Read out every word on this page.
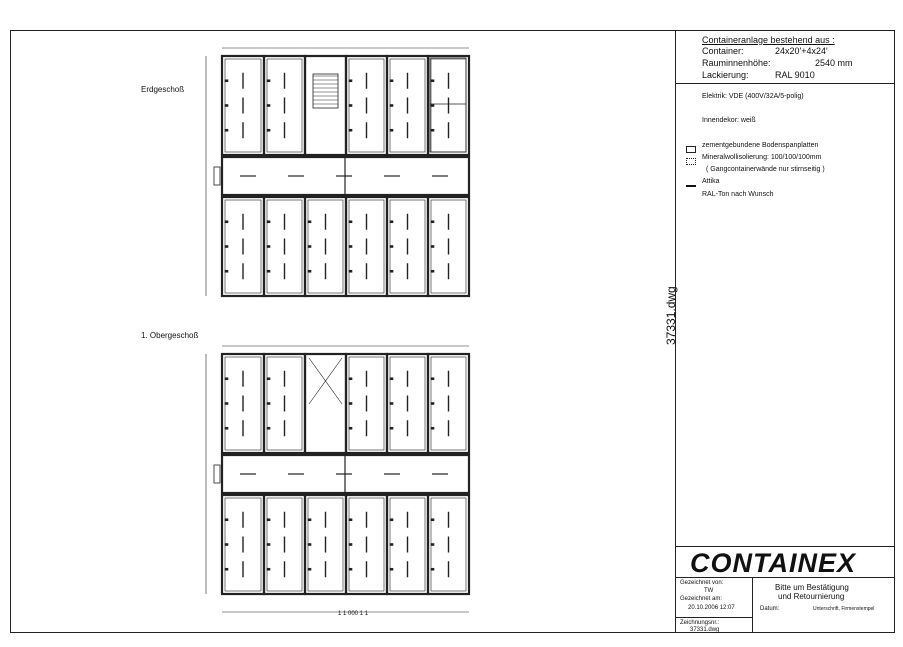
Erdgeschoß
1. Obergeschoß	37331.dwg
1 1 000 1 1
Containeranlage bestehend aus :
Container:	24x20'+4x24'
Rauminnenhöhe:	2540 mm
Lackierung:	RAL 9010
Elektrik: VDE (400V/32A/5-polig)
Innendekor: weiß
zementgebundene Bodenspanplatten
Mineralwollisolierung: 100/100/100mm
( Gangcontainerwände nur stirnseitig )
Attika
RAL-Ton nach Wunsch
CONTAINEX
Gezeichnet von:
TW
Gezeichnet am:
20.10.2006 12:07
Zeichnungsnr.:
37331.dwg
Bitte um Bestätigung
und Retournierung
Datum:	Unterschrift, Firmenstempel
